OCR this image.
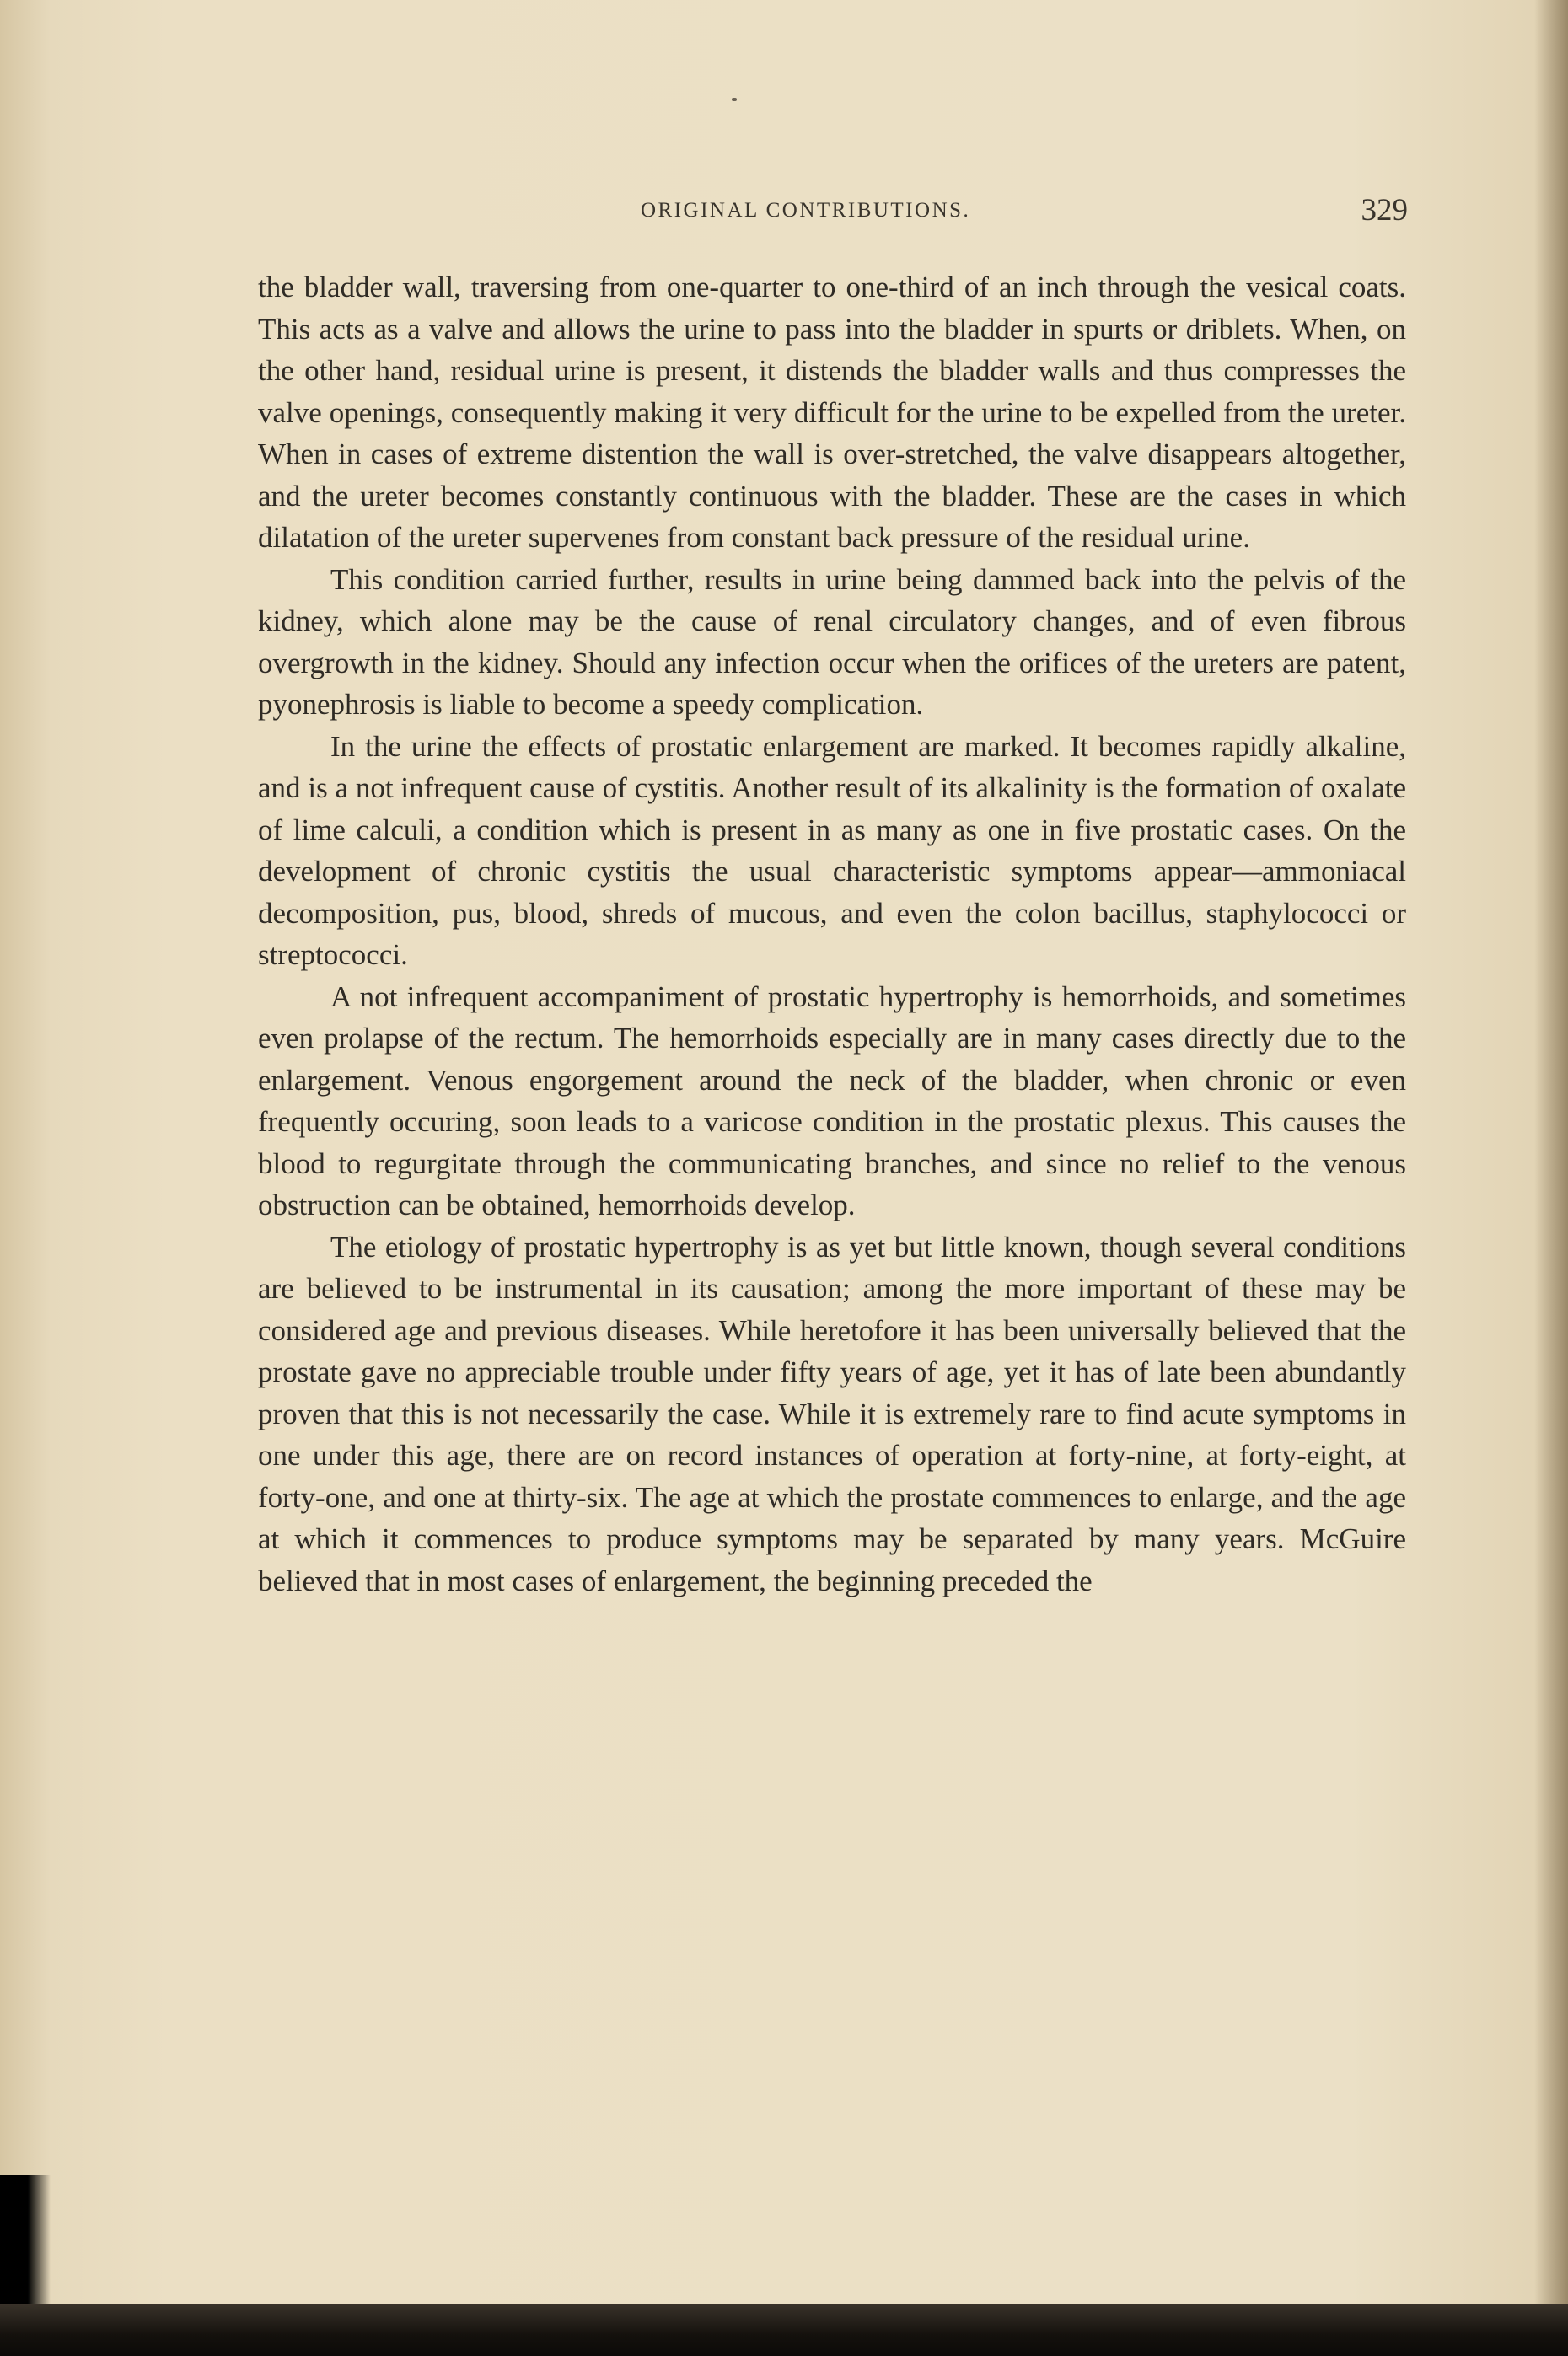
ORIGINAL CONTRIBUTIONS.	329

the bladder wall, traversing from one-quarter to one-third of an inch through the vesical coats. This acts as a valve and allows the urine to pass into the bladder in spurts or driblets. When, on the other hand, residual urine is present, it distends the bladder walls and thus compresses the valve openings, consequently making it very difficult for the urine to be expelled from the ureter. When in cases of extreme distention the wall is over-stretched, the valve disappears altogether, and the ureter becomes constantly continuous with the bladder. These are the cases in which dilatation of the ureter supervenes from constant back pressure of the residual urine.

This condition carried further, results in urine being dammed back into the pelvis of the kidney, which alone may be the cause of renal circulatory changes, and of even fibrous overgrowth in the kidney. Should any infection occur when the orifices of the ureters are patent, pyonephrosis is liable to become a speedy complication.

In the urine the effects of prostatic enlargement are marked. It becomes rapidly alkaline, and is a not infrequent cause of cystitis. Another result of its alkalinity is the formation of oxalate of lime calculi, a condition which is present in as many as one in five prostatic cases. On the development of chronic cystitis the usual characteristic symptoms appear—ammoniacal decomposition, pus, blood, shreds of mucous, and even the colon bacillus, staphylococci or streptococci.

A not infrequent accompaniment of prostatic hypertrophy is hemorrhoids, and sometimes even prolapse of the rectum. The hemorrhoids especially are in many cases directly due to the enlargement. Venous engorgement around the neck of the bladder, when chronic or even frequently occuring, soon leads to a varicose condition in the prostatic plexus. This causes the blood to regurgitate through the communicating branches, and since no relief to the venous obstruction can be obtained, hemorrhoids develop.

The etiology of prostatic hypertrophy is as yet but little known, though several conditions are believed to be instrumental in its causation; among the more important of these may be considered age and previous diseases. While heretofore it has been universally believed that the prostate gave no appreciable trouble under fifty years of age, yet it has of late been abundantly proven that this is not necessarily the case. While it is extremely rare to find acute symptoms in one under this age, there are on record instances of operation at forty-nine, at forty-eight, at forty-one, and one at thirty-six. The age at which the prostate commences to enlarge, and the age at which it commences to produce symptoms may be separated by many years. McGuire believed that in most cases of enlargement, the beginning preceded the
